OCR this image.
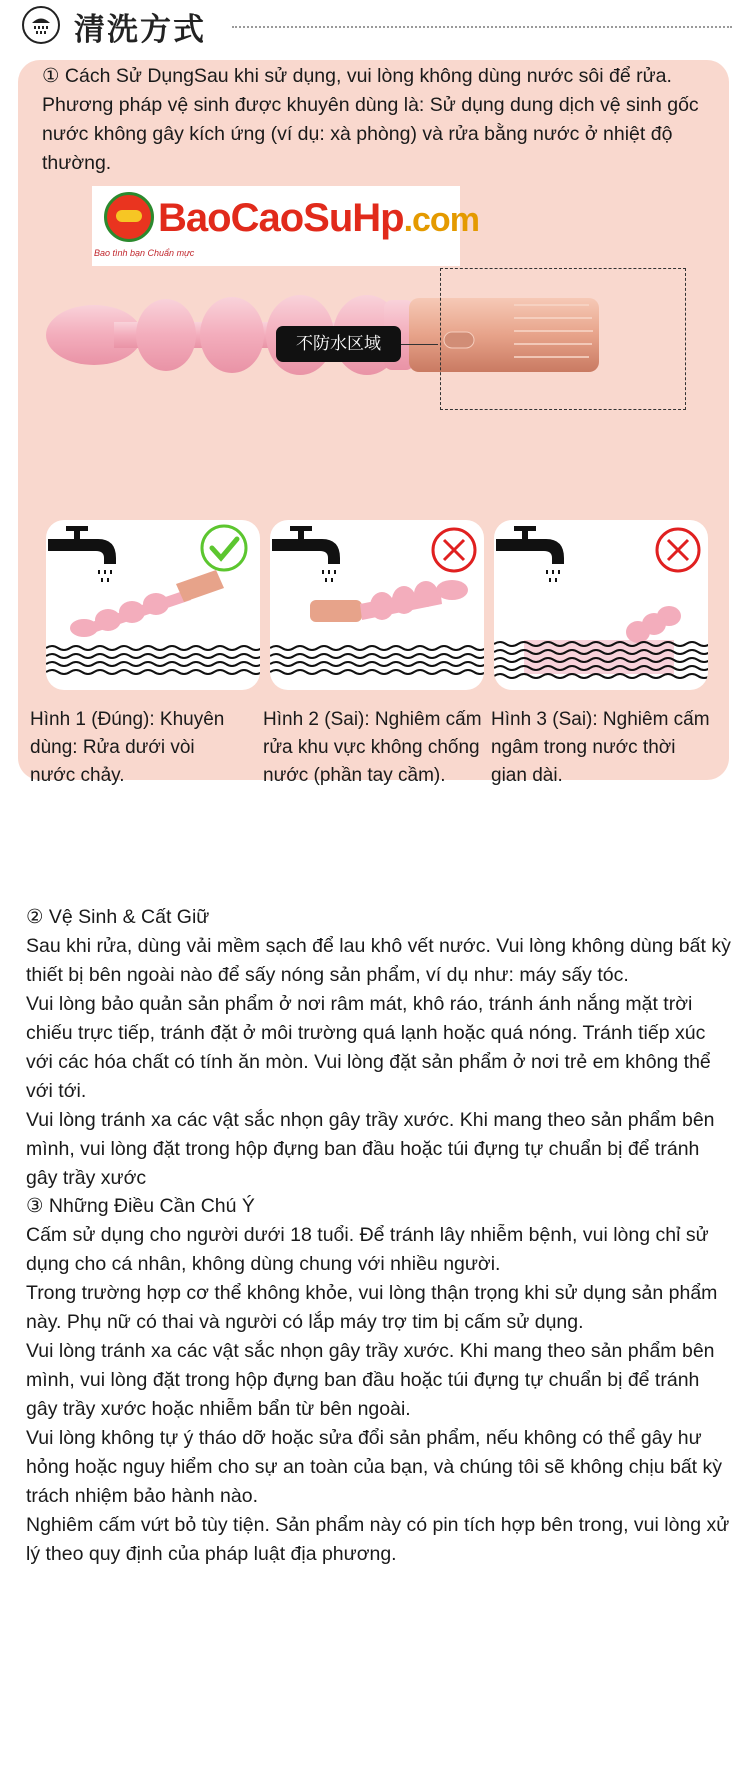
清洗方式
① Cách Sử DụngSau khi sử dụng, vui lòng không dùng nước sôi để rửa. Phương pháp vệ sinh được khuyên dùng là: Sử dụng dung dịch vệ sinh gốc nước không gây kích ứng (ví dụ: xà phòng) và rửa bằng nước ở nhiệt độ thường.
BaoCaoSuHp.com
Bao tình bạn Chuẩn mực
不防水区域
Hình 1 (Đúng): Khuyên dùng: Rửa dưới vòi nước chảy.
Hình 2 (Sai): Nghiêm cấm rửa khu vực không chống nước (phần tay cầm).
Hình 3 (Sai): Nghiêm cấm ngâm trong nước thời gian dài.
② Vệ Sinh & Cất Giữ

Sau khi rửa, dùng vải mềm sạch để lau khô vết nước. Vui lòng không dùng bất kỳ thiết bị bên ngoài nào để sấy nóng sản phẩm, ví dụ như: máy sấy tóc.

Vui lòng bảo quản sản phẩm ở nơi râm mát, khô ráo, tránh ánh nắng mặt trời chiếu trực tiếp, tránh đặt ở môi trường quá lạnh hoặc quá nóng. Tránh tiếp xúc với các hóa chất có tính ăn mòn. Vui lòng đặt sản phẩm ở nơi trẻ em không thể với tới.

Vui lòng tránh xa các vật sắc nhọn gây trầy xước. Khi mang theo sản phẩm bên mình, vui lòng đặt trong hộp đựng ban đầu hoặc túi đựng tự chuẩn bị để tránh gây trầy xước

③ Những Điều Cần Chú Ý

Cấm sử dụng cho người dưới 18 tuổi. Để tránh lây nhiễm bệnh, vui lòng chỉ sử dụng cho cá nhân, không dùng chung với nhiều người.

Trong trường hợp cơ thể không khỏe, vui lòng thận trọng khi sử dụng sản phẩm này. Phụ nữ có thai và người có lắp máy trợ tim bị cấm sử dụng.

Vui lòng tránh xa các vật sắc nhọn gây trầy xước. Khi mang theo sản phẩm bên mình, vui lòng đặt trong hộp đựng ban đầu hoặc túi đựng tự chuẩn bị để tránh gây trầy xước hoặc nhiễm bẩn từ bên ngoài.

Vui lòng không tự ý tháo dỡ hoặc sửa đổi sản phẩm, nếu không có thể gây hư hỏng hoặc nguy hiểm cho sự an toàn của bạn, và chúng tôi sẽ không chịu bất kỳ trách nhiệm bảo hành nào.

Nghiêm cấm vứt bỏ tùy tiện. Sản phẩm này có pin tích hợp bên trong, vui lòng xử lý theo quy định của pháp luật địa phương.
